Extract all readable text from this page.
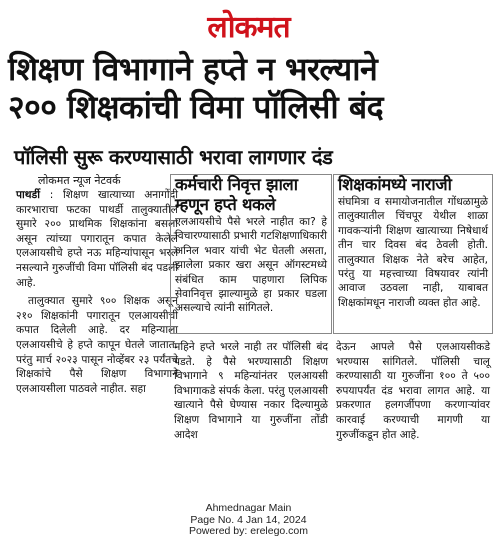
लोकमत
शिक्षण विभागाने हप्ते न भरल्याने
२०० शिक्षकांची विमा पॉलिसी बंद
पॉलिसी सुरू करण्यासाठी भरावा लागणार दंड
लोकमत न्यूज नेटवर्क

पाथर्डी : शिक्षण खात्याच्या अनागोंदी कारभाराचा फटका पाथर्डी तालुक्यातील सुमारे २०० प्राथमिक शिक्षकांना बसला असून त्यांच्या पगारातून कपात केलेले एलआयसीचे हप्ते नऊ महिन्यांपासून भरले नसल्याने गुरुजींची विमा पॉलिसी बंद पडली आहे.

तालुक्यात सुमारे ९०० शिक्षक असून २१० शिक्षकांनी पगारातून एलआयसीची कपात दिलेली आहे. दर महिन्याला एलआयसीचे हे हप्ते कापून घेतले जातात. परंतु मार्च २०२३ पासून नोव्हेंबर २३ पर्यंतचे शिक्षकांचे पैसे शिक्षण विभागाने एलआयसीला पाठवले नाहीत. सहा

कर्मचारी निवृत्त झाला म्हणून हप्ते थकले
एलआयसीचे पैसे भरले नाहीत का? हे विचारण्यासाठी प्रभारी गटशिक्षणाधिकारी अनिल भवार यांची भेट घेतली असता, झालेला प्रकार खरा असून ऑगस्टमध्ये संबंधित काम पाहणारा लिपिक सेवानिवृत्त झाल्यामुळे हा प्रकार घडला असल्याचे त्यांनी सांगितले.
शिक्षकांमध्ये नाराजी
संघमित्रा व समायोजनातील गोंधळामुळे तालुक्यातील चिंचपूर येथील शाळा गावकऱ्यांनी शिक्षण खात्याच्या निषेधार्थ तीन चार दिवस बंद ठेवली होती. तालुक्यात शिक्षक नेते बरेच आहेत, परंतु या महत्त्वाच्या विषयावर त्यांनी आवाज उठवला नाही, याबाबत शिक्षकांमधून नाराजी व्यक्त होत आहे.
महिने हप्ते भरले नाही तर पॉलिसी बंद पडते. हे पैसे भरण्यासाठी शिक्षण विभागाने ९ महिन्यांनंतर एलआयसी विभागाकडे संपर्क केला. परंतु एलआयसी खात्याने पैसे घेण्यास नकार दिल्यामुळे शिक्षण विभागाने या गुरुजींना तोंडी आदेश
देऊन आपले पैसे एलआयसीकडे भरण्यास सांगितले. पॉलिसी चालू करण्यासाठी या गुरुजींना १०० ते ५०० रुपयापर्यंत दंड भरावा लागत आहे. या प्रकरणात हलगर्जीपणा करणाऱ्यांवर कारवाई करण्याची मागणी या गुरुजींकडून होत आहे.
Ahmednagar Main
Page No. 4 Jan 14, 2024
Powered by: erelego.com
